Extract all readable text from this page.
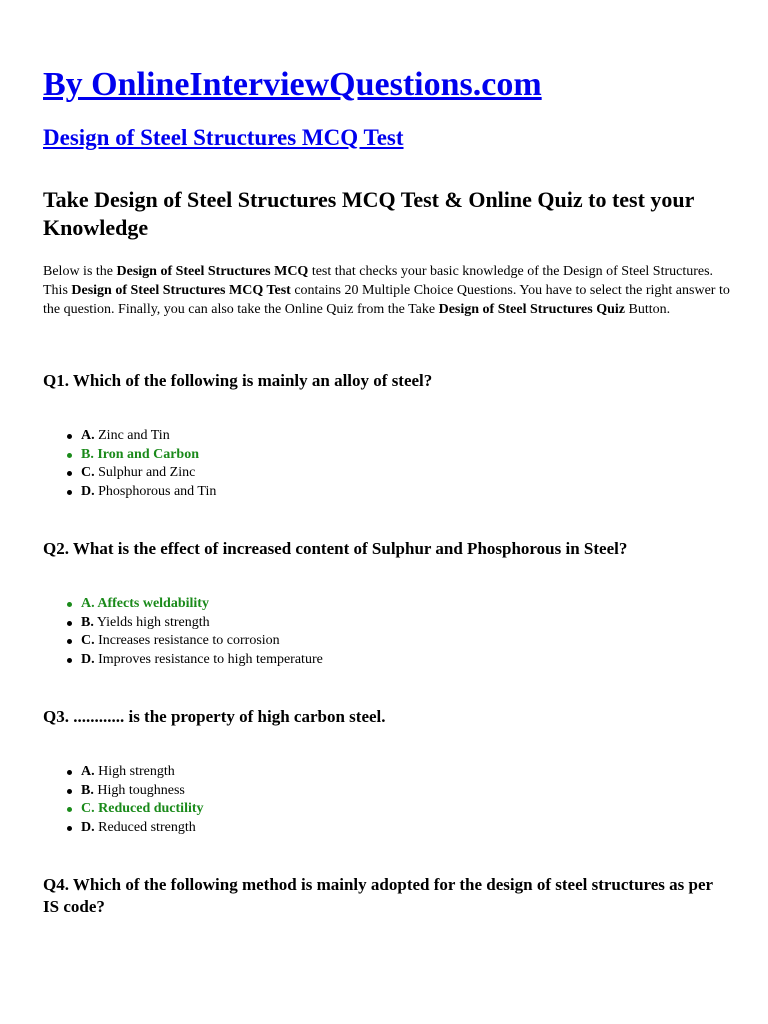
By OnlineInterviewQuestions.com
Design of Steel Structures MCQ Test
Take Design of Steel Structures MCQ Test & Online Quiz to test your Knowledge

Below is the Design of Steel Structures MCQ test that checks your basic knowledge of the Design of Steel Structures. This Design of Steel Structures MCQ Test contains 20 Multiple Choice Questions. You have to select the right answer to the question. Finally, you can also take the Online Quiz from the Take Design of Steel Structures Quiz Button.

Q1. Which of the following is mainly an alloy of steel?
A. Zinc and Tin
B. Iron and Carbon
C. Sulphur and Zinc
D. Phosphorous and Tin
Q2. What is the effect of increased content of Sulphur and Phosphorous in Steel?
A. Affects weldability
B. Yields high strength
C. Increases resistance to corrosion
D. Improves resistance to high temperature
Q3. ............ is the property of high carbon steel.
A. High strength
B. High toughness
C. Reduced ductility
D. Reduced strength
Q4. Which of the following method is mainly adopted for the design of steel structures as per IS code?
